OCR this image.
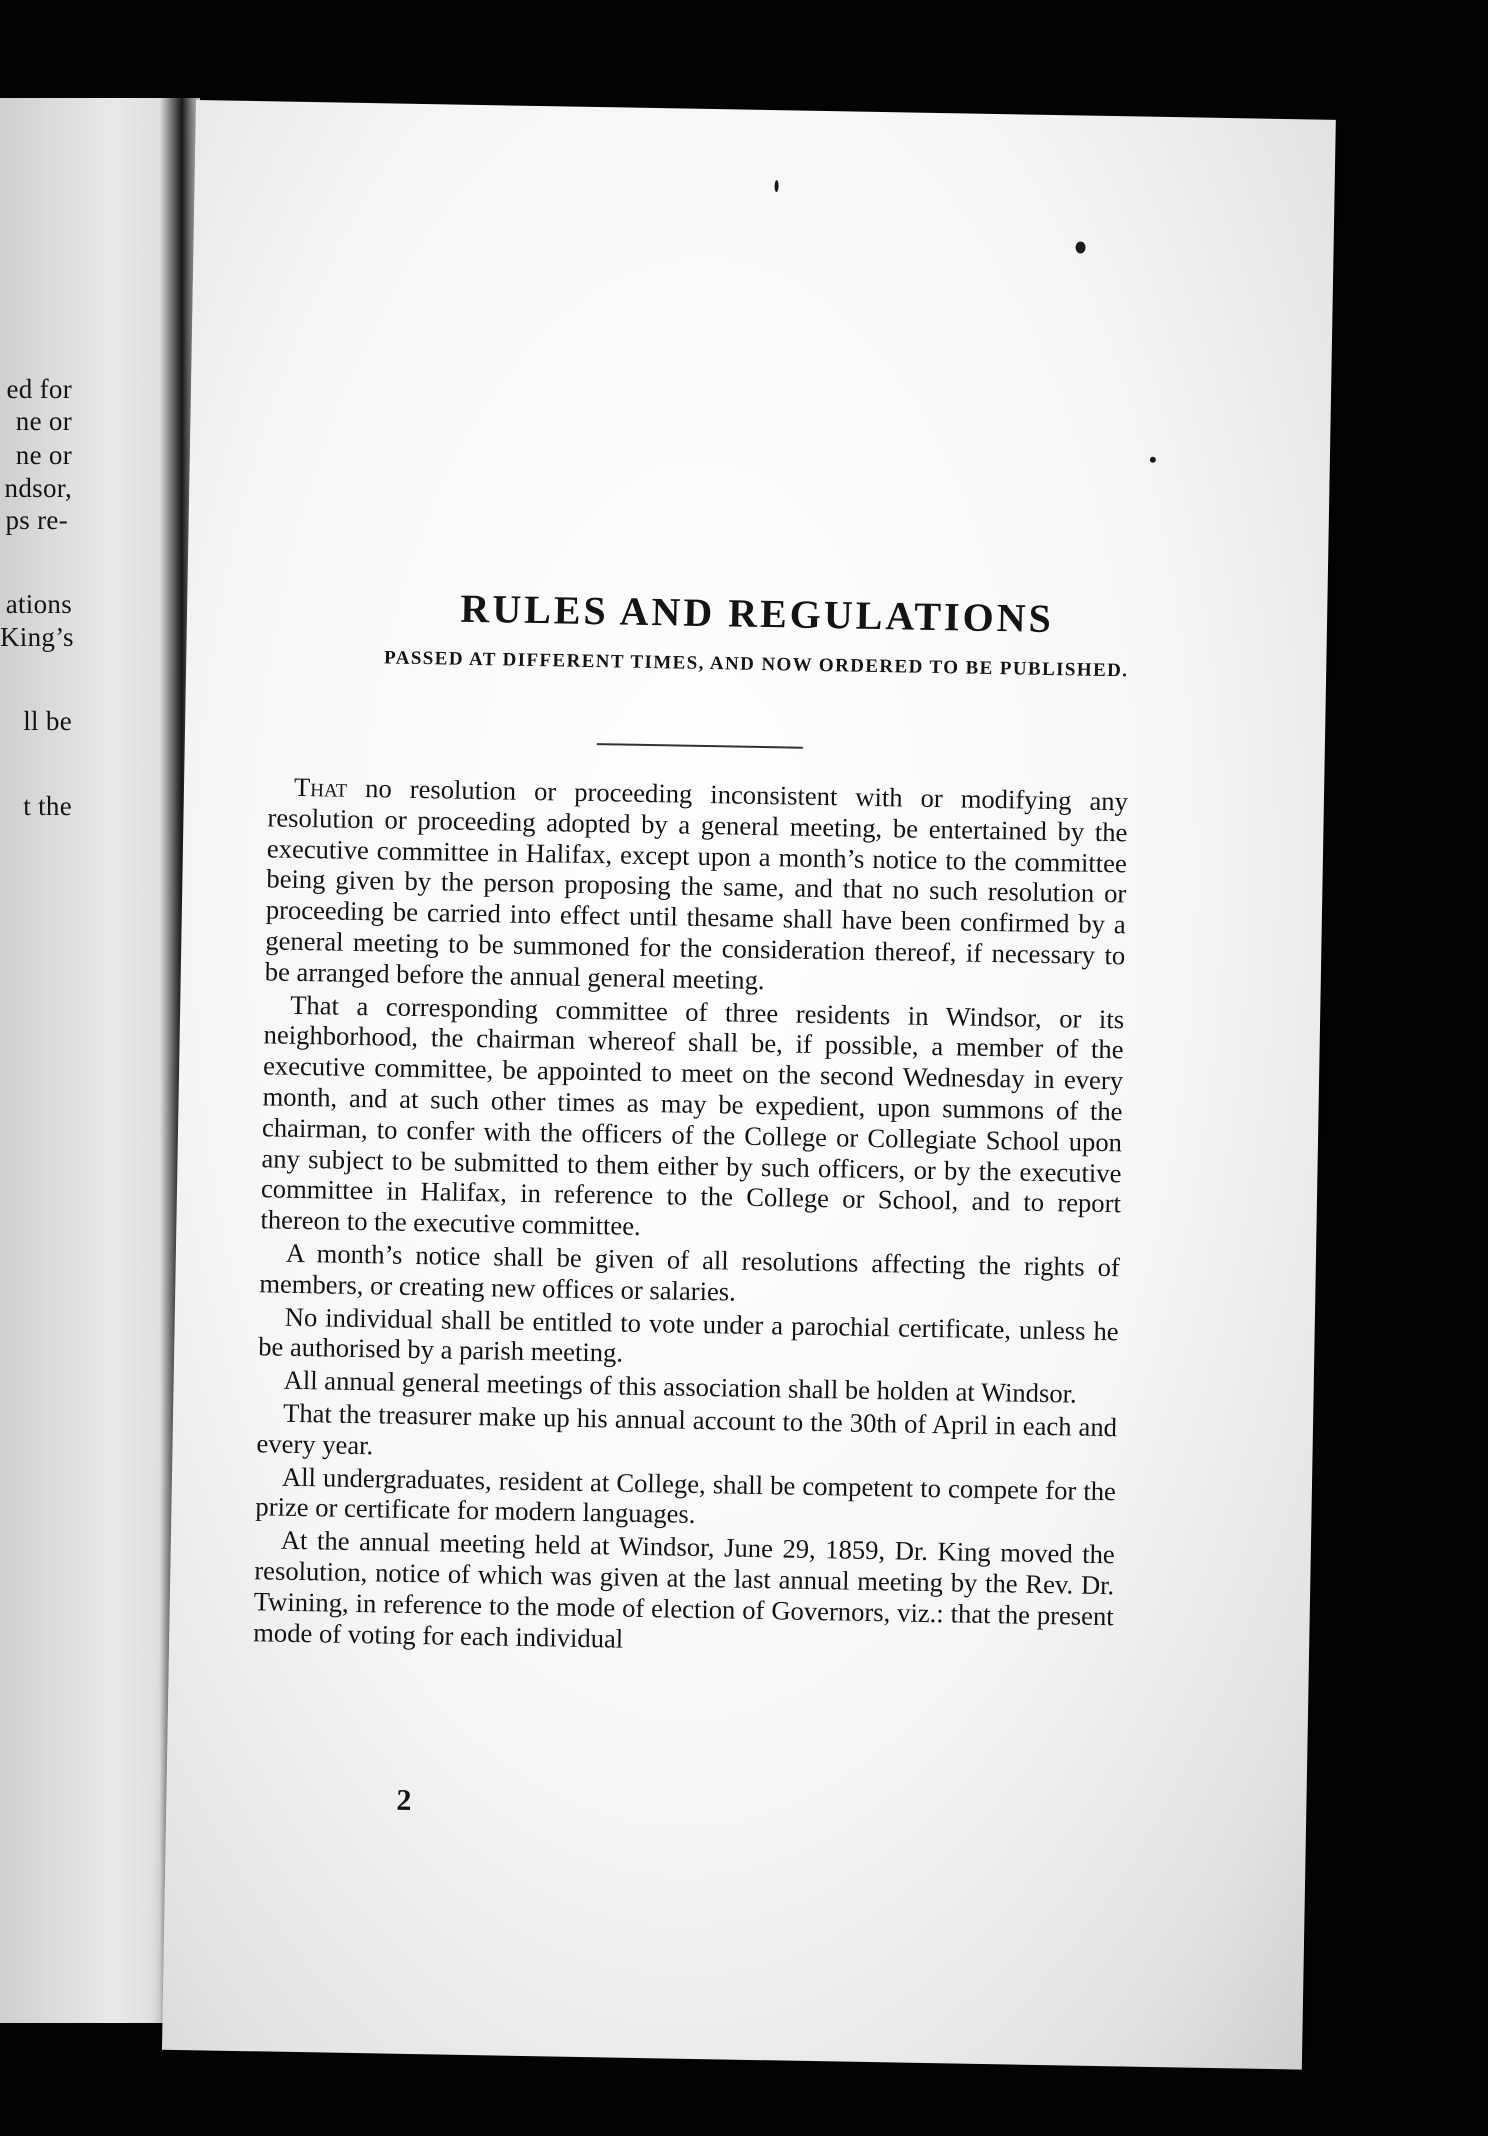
ed for
ne or
ne or
ndsor,
ps re-
ations
King’s
ll be
t the
RULES AND REGULATIONS
PASSED AT DIFFERENT TIMES, AND NOW ORDERED TO BE PUBLISHED.

That no resolution or proceeding inconsistent with or modifying any resolution or proceeding adopted by a general meeting, be entertained by the executive committee in Halifax, except upon a month’s notice to the committee being given by the person proposing the same, and that no such resolution or proceeding be carried into effect until thesame shall have been confirmed by a general meeting to be summoned for the consideration thereof, if necessary to be arranged before the annual general meeting.

That a corresponding committee of three residents in Windsor, or its neighborhood, the chairman whereof shall be, if possible, a member of the executive committee, be appointed to meet on the second Wednesday in every month, and at such other times as may be expedient, upon summons of the chairman, to confer with the officers of the College or Collegiate School upon any subject to be submitted to them either by such officers, or by the executive committee in Halifax, in reference to the College or School, and to report thereon to the executive committee.

A month’s notice shall be given of all resolutions affecting the rights of members, or creating new offices or salaries.

No individual shall be entitled to vote under a parochial certificate, unless he be authorised by a parish meeting.

All annual general meetings of this association shall be holden at Windsor.

That the treasurer make up his annual account to the 30th of April in each and every year.

All undergraduates, resident at College, shall be competent to compete for the prize or certificate for modern languages.

At the annual meeting held at Windsor, June 29, 1859, Dr. King moved the resolution, notice of which was given at the last annual meeting by the Rev. Dr. Twining, in reference to the mode of election of Governors, viz.: that the present mode of voting for each individual

2
